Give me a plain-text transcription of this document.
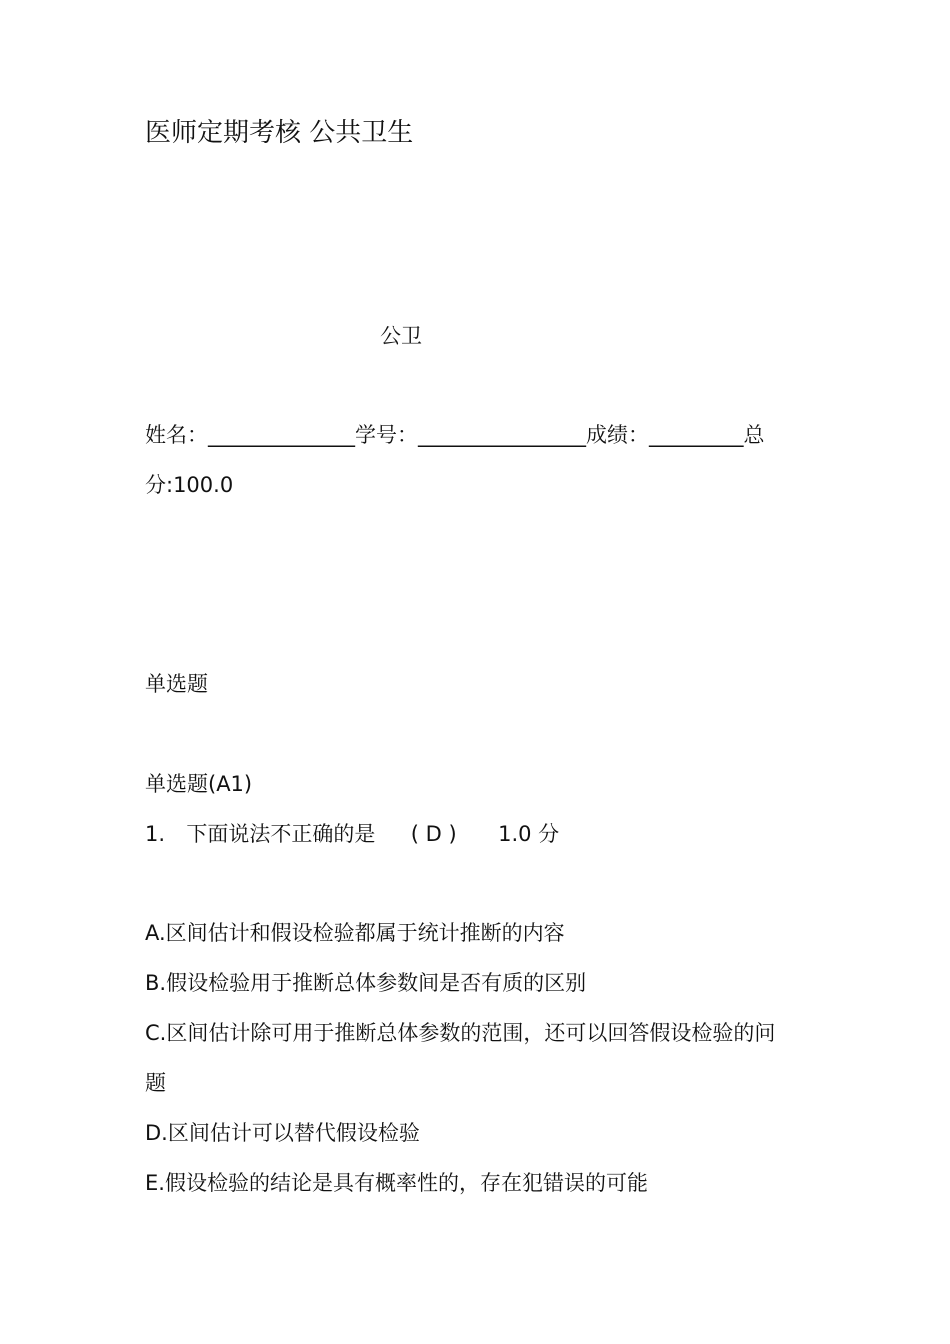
医师定期考核 公共卫生
公卫
姓名：______________学号：________________成绩：_________总
分:100.0
单选题
单选题(A1)
1. 下面说法不正确的是 ( D ) 1.0 分
A.区间估计和假设检验都属于统计推断的内容
B.假设检验用于推断总体参数间是否有质的区别
C.区间估计除可用于推断总体参数的范围，还可以回答假设检验的问
题
D.区间估计可以替代假设检验
E.假设检验的结论是具有概率性的，存在犯错误的可能
